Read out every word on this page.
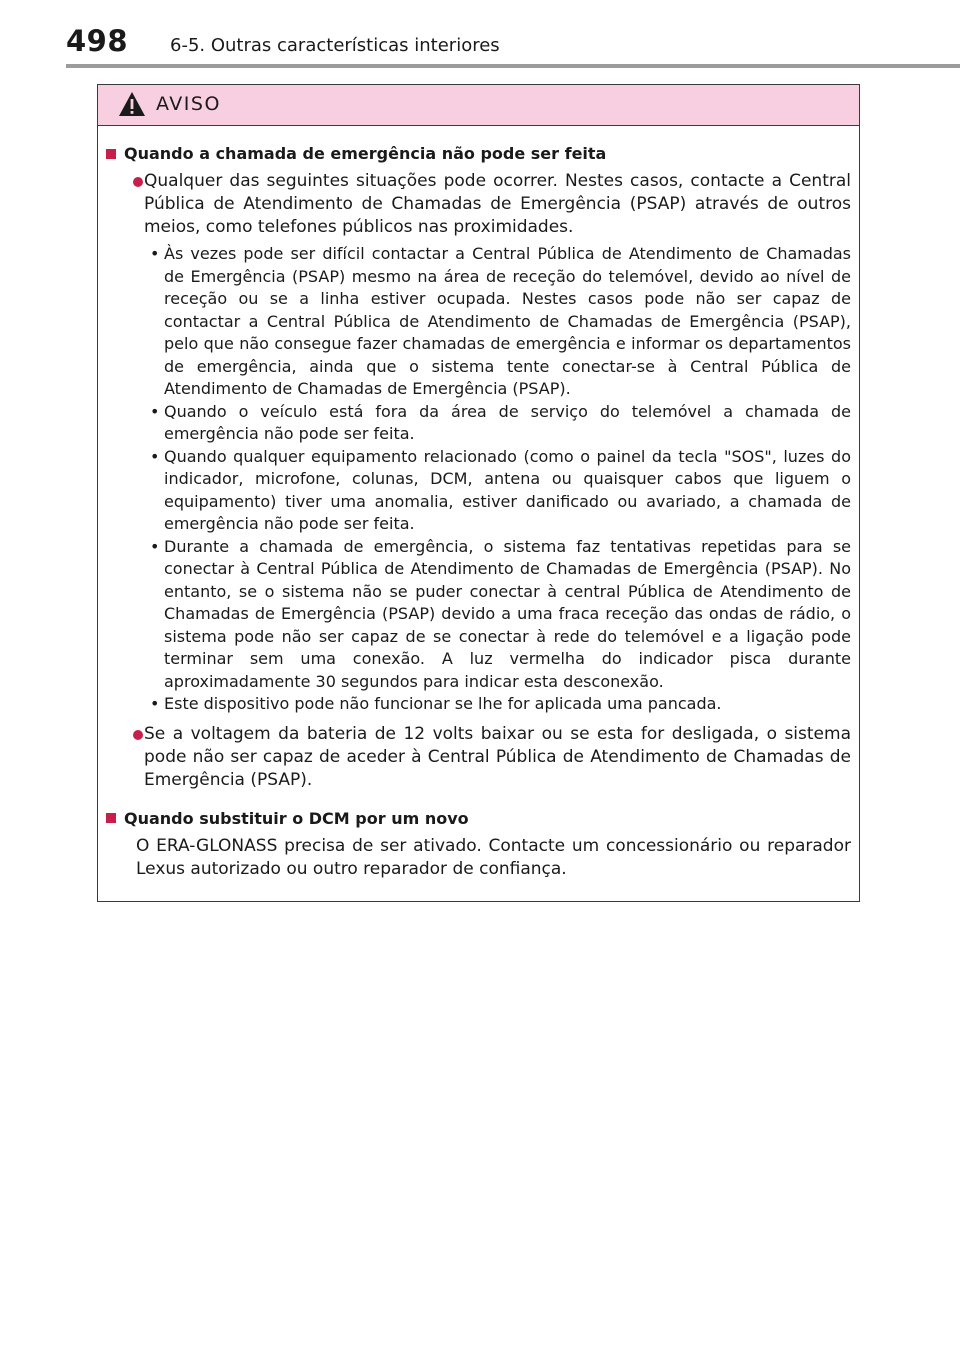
498 6-5. Outras características interiores
AVISO
Quando a chamada de emergência não pode ser feita
Qualquer das seguintes situações pode ocorrer. Nestes casos, contacte a Central Pública de Atendimento de Chamadas de Emergência (PSAP) através de outros meios, como telefones públicos nas proximidades.
• Às vezes pode ser difícil contactar a Central Pública de Atendimento de Chamadas de Emergência (PSAP) mesmo na área de receção do telemóvel, devido ao nível de receção ou se a linha estiver ocupada. Nestes casos pode não ser capaz de contactar a Central Pública de Atendimento de Chamadas de Emergência (PSAP), pelo que não consegue fazer chamadas de emergência e informar os departamentos de emergência, ainda que o sistema tente conectar-se à Central Pública de Atendimento de Chamadas de Emergência (PSAP).
• Quando o veículo está fora da área de serviço do telemóvel a chamada de emergência não pode ser feita.
• Quando qualquer equipamento relacionado (como o painel da tecla "SOS", luzes do indicador, microfone, colunas, DCM, antena ou quaisquer cabos que liguem o equipamento) tiver uma anomalia, estiver danificado ou avariado, a chamada de emergência não pode ser feita.
• Durante a chamada de emergência, o sistema faz tentativas repetidas para se conectar à Central Pública de Atendimento de Chamadas de Emergência (PSAP). No entanto, se o sistema não se puder conectar à central Pública de Atendimento de Chamadas de Emergência (PSAP) devido a uma fraca receção das ondas de rádio, o sistema pode não ser capaz de se conectar à rede do telemóvel e a ligação pode terminar sem uma conexão. A luz vermelha do indicador pisca durante aproximadamente 30 segundos para indicar esta desconexão.
• Este dispositivo pode não funcionar se lhe for aplicada uma pancada.
Se a voltagem da bateria de 12 volts baixar ou se esta for desligada, o sistema pode não ser capaz de aceder à Central Pública de Atendimento de Chamadas de Emergência (PSAP).
Quando substituir o DCM por um novo
O ERA-GLONASS precisa de ser ativado. Contacte um concessionário ou reparador Lexus autorizado ou outro reparador de confiança.
